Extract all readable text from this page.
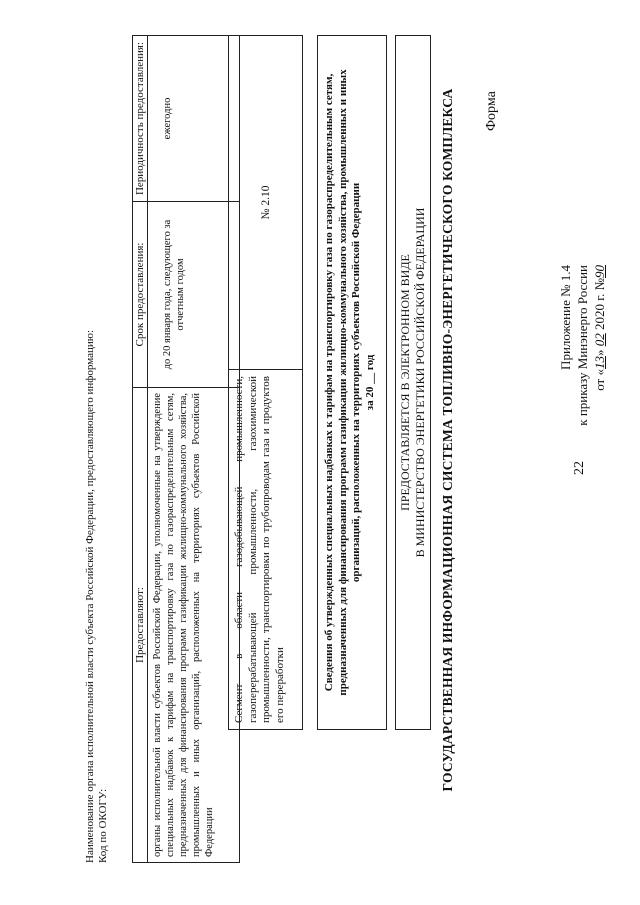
22
Приложение № 1.4 к приказу Минэнерго России от «13» 02 2020 г. №90
Форма
ГОСУДАРСТВЕННАЯ ИНФОРМАЦИОННАЯ СИСТЕМА ТОПЛИВНО-ЭНЕРГЕТИЧЕСКОГО КОМПЛЕКСА
ПРЕДОСТАВЛЯЕТСЯ В ЭЛЕКТРОННОМ ВИДЕ В МИНИСТЕРСТВО ЭНЕРГЕТИКИ РОССИЙСКОЙ ФЕДЕРАЦИИ
Сведения об утвержденных специальных надбавках к тарифам на транспортировку газа по газораспределительным сетям, предназначенных для финансирования программ газификации жилищно-коммунального хозяйства, промышленных и иных организаций, расположенных на территориях субъектов Российской Федерации за 20 __ год
Сегмент в области газодобывающей промышленности, газоперерабатывающей промышленности, газохимической промышленности, транспортировки по трубопроводам газа и продуктов его переработки
№ 2.10
Предоставляют: органы исполнительной власти субъектов Российской Федерации, уполномоченные на утверждение специальных надбавок к тарифам на транспортировку газа по газораспределительным сетям, предназначенных для финансирования программ газификации жилищно-коммунального хозяйства, промышленных и иных организаций, расположенных на территориях субъектов Российской Федерации
Срок предоставления:	до 20 января года, следующего за отчетным годом
Периодичность предоставления:	ежегодно
Наименование органа исполнительной власти субъекта Российской Федерации, предоставляющего информацию: Код по ОКОГУ:
